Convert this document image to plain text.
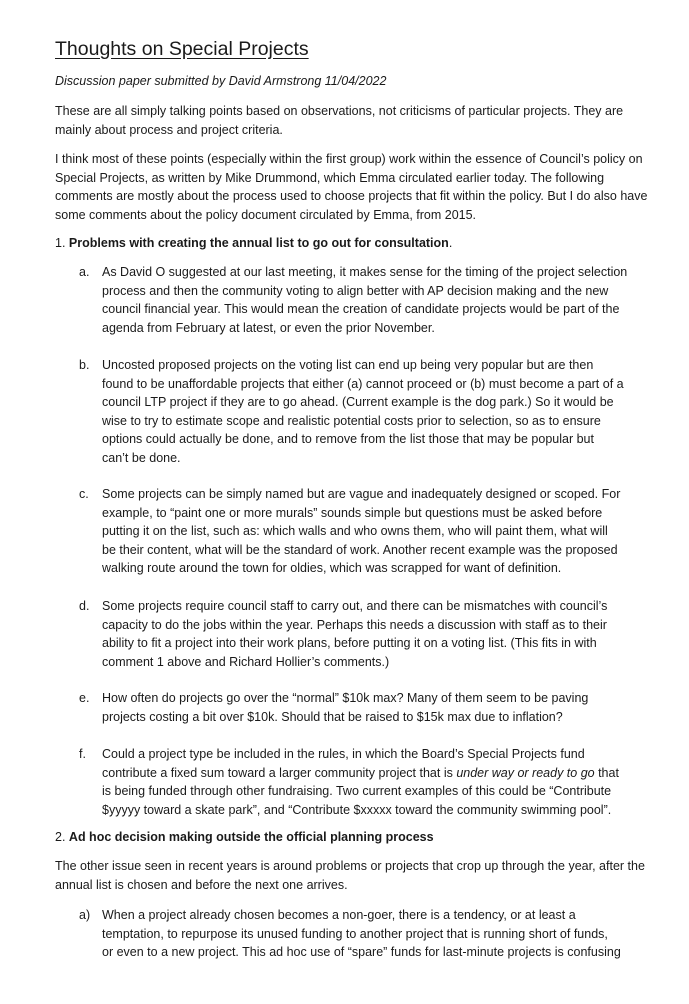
Thoughts on Special Projects
Discussion paper submitted by David Armstrong 11/04/2022

These are all simply talking points based on observations, not criticisms of particular projects. They are mainly about process and project criteria.

I think most of these points (especially within the first group) work within the essence of Council’s policy on Special Projects, as written by Mike Drummond, which Emma circulated earlier today. The following comments are mostly about the process used to choose projects that fit within the policy. But I do also have some comments about the policy document circulated by Emma, from 2015.

1. Problems with creating the annual list to go out for consultation.
a. As David O suggested at our last meeting, it makes sense for the timing of the project selection
process and then the community voting to align better with AP decision making and the new
council financial year. This would mean the creation of candidate projects would be part of the
agenda from February at latest, or even the prior November.
b. Uncosted proposed projects on the voting list can end up being very popular but are then
found to be unaffordable projects that either (a) cannot proceed or (b) must become a part of a
council LTP project if they are to go ahead. (Current example is the dog park.) So it would be
wise to try to estimate scope and realistic potential costs prior to selection, so as to ensure
options could actually be done, and to remove from the list those that may be popular but
can’t be done.
c. Some projects can be simply named but are vague and inadequately designed or scoped. For
example, to “paint one or more murals” sounds simple but questions must be asked before
putting it on the list, such as: which walls and who owns them, who will paint them, what will
be their content, what will be the standard of work. Another recent example was the proposed
walking route around the town for oldies, which was scrapped for want of definition.
d. Some projects require council staff to carry out, and there can be mismatches with council’s
capacity to do the jobs within the year. Perhaps this needs a discussion with staff as to their
ability to fit a project into their work plans, before putting it on a voting list. (This fits in with
comment 1 above and Richard Hollier’s comments.)
e. How often do projects go over the “normal” $10k max? Many of them seem to be paving
projects costing a bit over $10k. Should that be raised to $15k max due to inflation?
f. Could a project type be included in the rules, in which the Board’s Special Projects fund
contribute a fixed sum toward a larger community project that is under way or ready to go that
is being funded through other fundraising. Two current examples of this could be “Contribute
$yyyyy toward a skate park”, and “Contribute $xxxxx toward the community swimming pool”.
2. Ad hoc decision making outside the official planning process

The other issue seen in recent years is around problems or projects that crop up through the year, after the annual list is chosen and before the next one arrives.

a) When a project already chosen becomes a non-goer, there is a tendency, or at least a
temptation, to repurpose its unused funding to another project that is running short of funds,
or even to a new project. This ad hoc use of “spare” funds for last-minute projects is confusing
